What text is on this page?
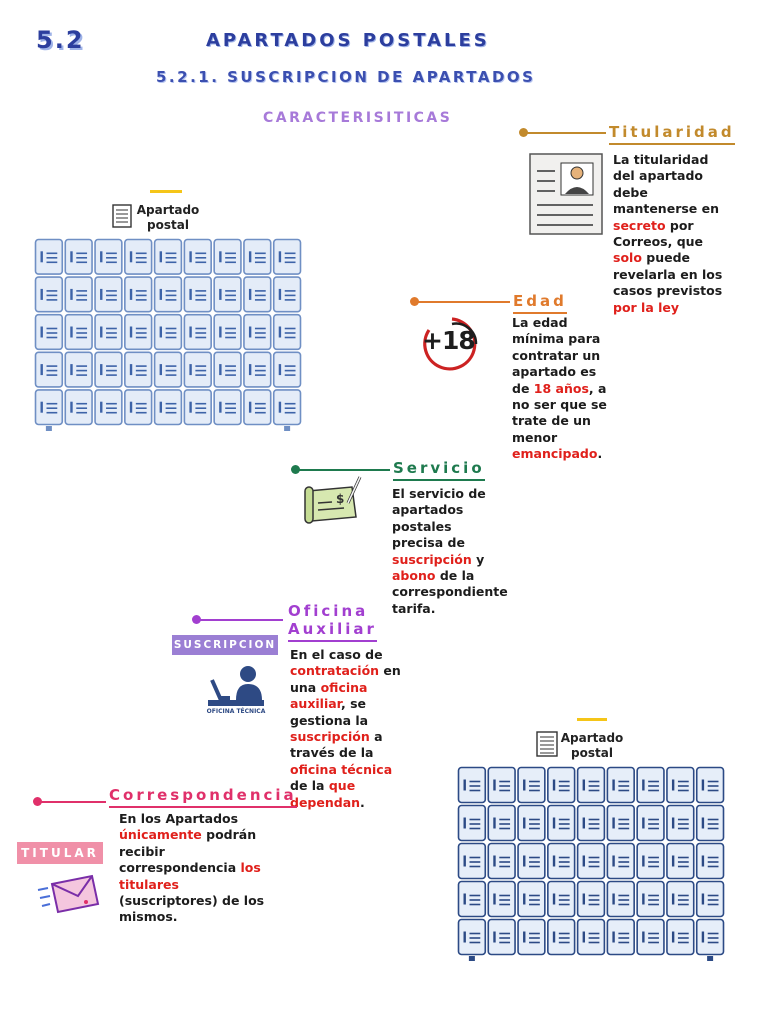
5.2	APARTADOS POSTALES
5.2.1. SUSCRIPCION DE APARTADOS
CARACTERISITICAS
Apartado
postal
Titularidad
La titularidad del apartado debe mantenerse en secreto por Correos, que solo puede revelarla en los casos previstos por la ley
Edad
+18
La edad mínima para contratar un apartado es de 18 años, a no ser que se trate de un menor emancipado.
Servicio
$	El servicio de apartados postales precisa de suscripción y abono de la correspondiente tarifa.
Oficina
Auxiliar
SUSCRIPCION
OFICINA TÉCNICA
En el caso de contratación en una oficina auxiliar, se gestiona la suscripción a través de la oficina técnica de la que dependan.
Correspondencia
TITULAR
En los Apartados únicamente podrán recibir correspondencia los titulares (suscriptores) de los mismos.
Apartado
postal
